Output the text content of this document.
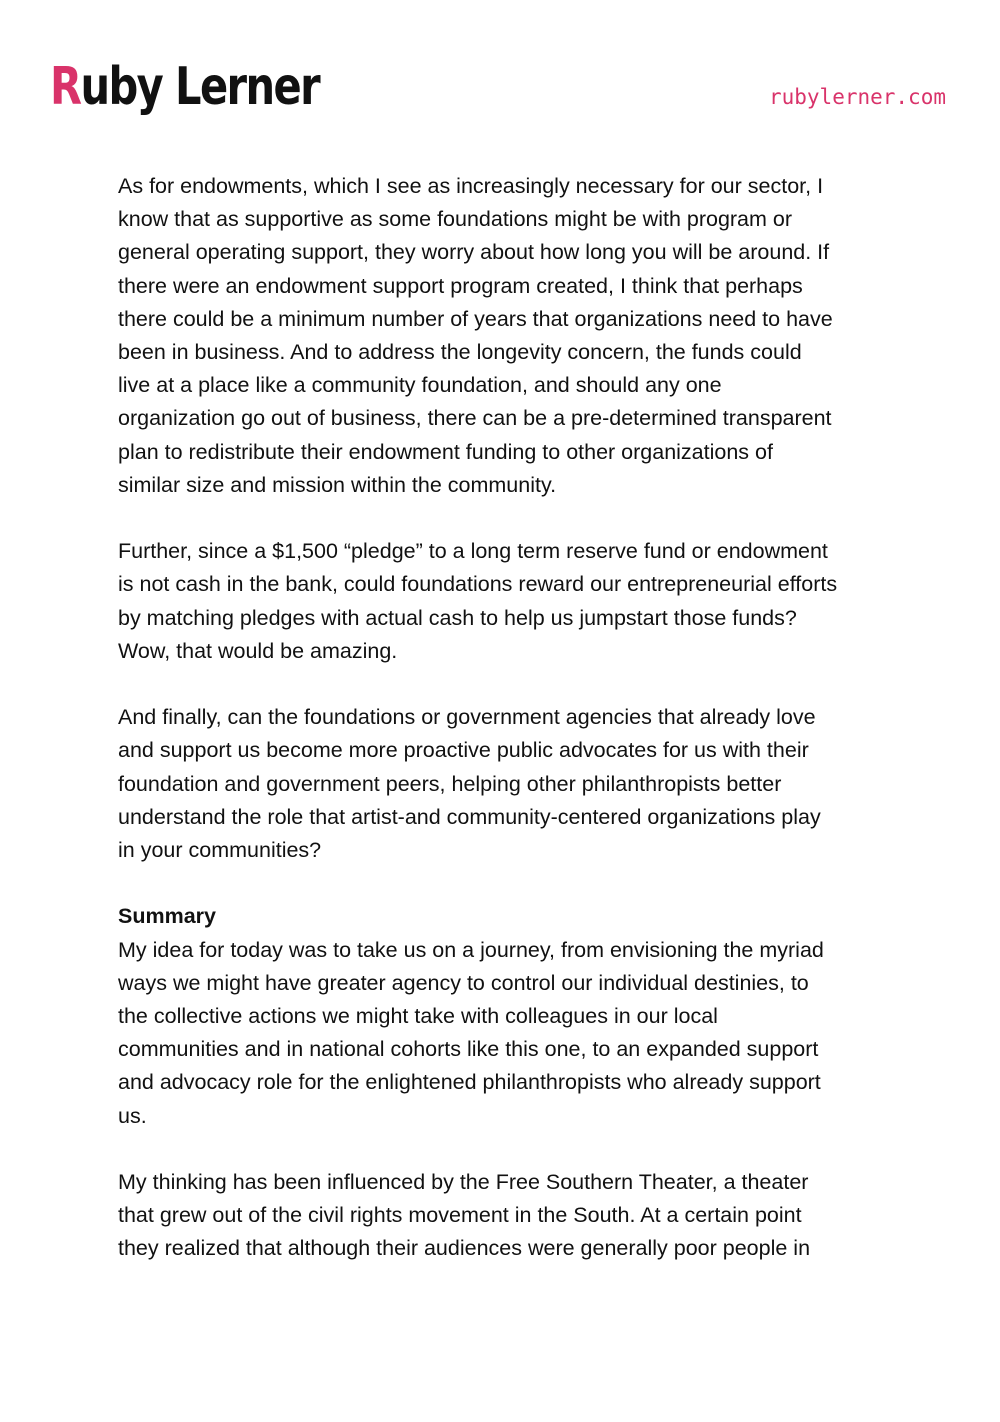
Ruby Lerner	rubylerner.com

As for endowments, which I see as increasingly necessary for our sector, I
know that as supportive as some foundations might be with program or
general operating support, they worry about how long you will be around. If
there were an endowment support program created, I think that perhaps
there could be a minimum number of years that organizations need to have
been in business. And to address the longevity concern, the funds could
live at a place like a community foundation, and should any one
organization go out of business, there can be a pre-determined transparent
plan to redistribute their endowment funding to other organizations of
similar size and mission within the community.

Further, since a $1,500 “pledge” to a long term reserve fund or endowment
is not cash in the bank, could foundations reward our entrepreneurial efforts
by matching pledges with actual cash to help us jumpstart those funds?
Wow, that would be amazing.

And finally, can the foundations or government agencies that already love
and support us become more proactive public advocates for us with their
foundation and government peers, helping other philanthropists better
understand the role that artist-and community-centered organizations play
in your communities?

Summary

My idea for today was to take us on a journey, from envisioning the myriad
ways we might have greater agency to control our individual destinies, to
the collective actions we might take with colleagues in our local
communities and in national cohorts like this one, to an expanded support
and advocacy role for the enlightened philanthropists who already support
us.

My thinking has been influenced by the Free Southern Theater, a theater
that grew out of the civil rights movement in the South. At a certain point
they realized that although their audiences were generally poor people in
